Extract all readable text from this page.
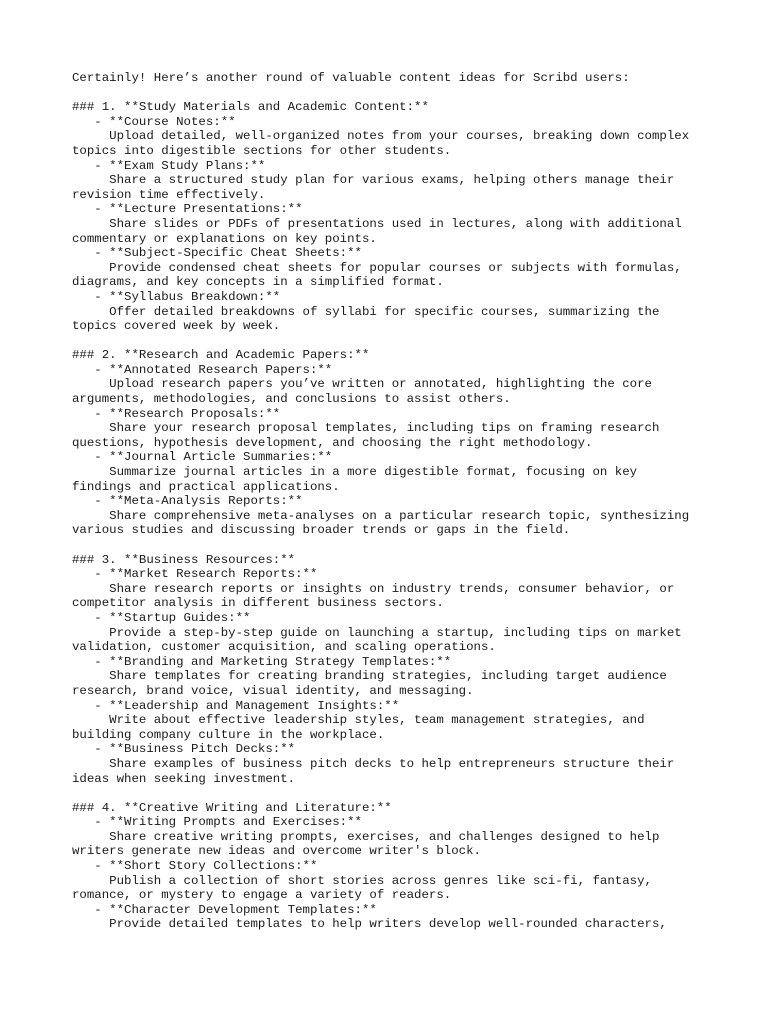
Certainly! Here’s another round of valuable content ideas for Scribd users:
### 1. **Study Materials and Academic Content:**
- **Course Notes:**
Upload detailed, well-organized notes from your courses, breaking down complex
topics into digestible sections for other students.
- **Exam Study Plans:**
Share a structured study plan for various exams, helping others manage their
revision time effectively.
- **Lecture Presentations:**
Share slides or PDFs of presentations used in lectures, along with additional
commentary or explanations on key points.
- **Subject-Specific Cheat Sheets:**
Provide condensed cheat sheets for popular courses or subjects with formulas,
diagrams, and key concepts in a simplified format.
- **Syllabus Breakdown:**
Offer detailed breakdowns of syllabi for specific courses, summarizing the
topics covered week by week.
### 2. **Research and Academic Papers:**
- **Annotated Research Papers:**
Upload research papers you’ve written or annotated, highlighting the core
arguments, methodologies, and conclusions to assist others.
- **Research Proposals:**
Share your research proposal templates, including tips on framing research
questions, hypothesis development, and choosing the right methodology.
- **Journal Article Summaries:**
Summarize journal articles in a more digestible format, focusing on key
findings and practical applications.
- **Meta-Analysis Reports:**
Share comprehensive meta-analyses on a particular research topic, synthesizing
various studies and discussing broader trends or gaps in the field.
### 3. **Business Resources:**
- **Market Research Reports:**
Share research reports or insights on industry trends, consumer behavior, or
competitor analysis in different business sectors.
- **Startup Guides:**
Provide a step-by-step guide on launching a startup, including tips on market
validation, customer acquisition, and scaling operations.
- **Branding and Marketing Strategy Templates:**
Share templates for creating branding strategies, including target audience
research, brand voice, visual identity, and messaging.
- **Leadership and Management Insights:**
Write about effective leadership styles, team management strategies, and
building company culture in the workplace.
- **Business Pitch Decks:**
Share examples of business pitch decks to help entrepreneurs structure their
ideas when seeking investment.
### 4. **Creative Writing and Literature:**
- **Writing Prompts and Exercises:**
Share creative writing prompts, exercises, and challenges designed to help
writers generate new ideas and overcome writer's block.
- **Short Story Collections:**
Publish a collection of short stories across genres like sci-fi, fantasy,
romance, or mystery to engage a variety of readers.
- **Character Development Templates:**
Provide detailed templates to help writers develop well-rounded characters,
